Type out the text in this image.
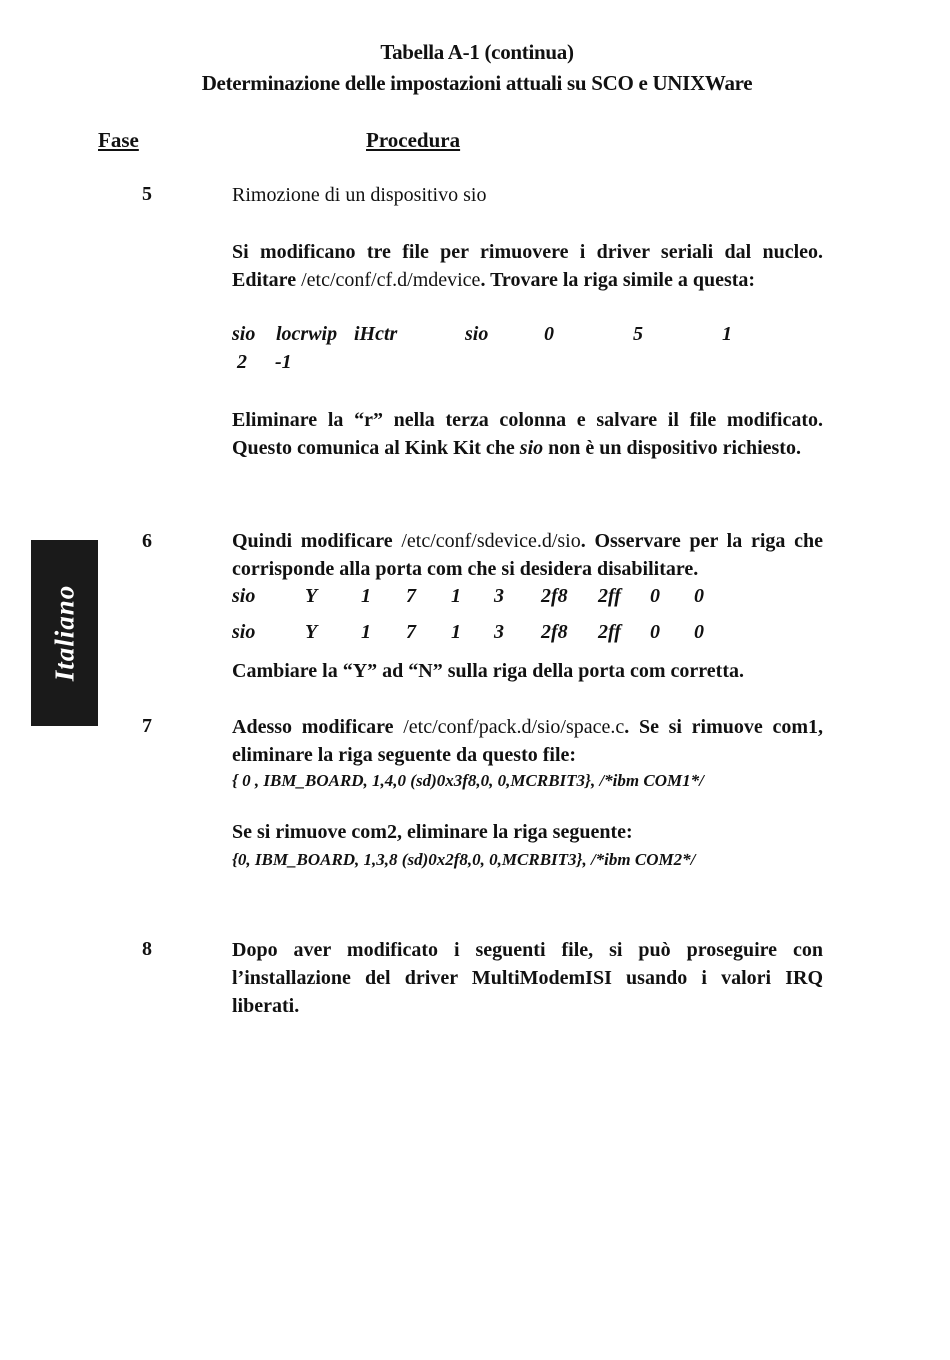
Tabella A-1 (continua)
Determinazione delle impostazioni attuali su SCO e UNIXWare
Fase	Procedura
5	Rimozione di un dispositivo sio
Si modificano tre file per rimuovere i driver seriali dal nucleo. Editare /etc/conf/cf.d/mdevice. Trovare la riga simile a questa:
sio locrwip iHctr	sio	0	5	1
2 -1
Eliminare la “r” nella terza colonna e salvare il file modificato. Questo comunica al Kink Kit che sio non è un dispositivo richiesto.
6	Quindi modificare /etc/conf/sdevice.d/sio. Osservare per la riga che corrisponde alla porta com che si desidera disabilitare.
sio Y 1 7 1 3 2f8 2ff 0 0
sio Y 1 7 1 3 2f8 2ff 0 0
Cambiare la “Y” ad “N” sulla riga della porta com corretta.
7	Adesso modificare /etc/conf/pack.d/sio/space.c. Se si rimuove com1, eliminare la riga seguente da questo file:
{ 0 , IBM_BOARD, 1,4,0 (sd)0x3f8,0, 0,MCRBIT3}, /*ibm COM1*/
Se si rimuove com2, eliminare la riga seguente:
{0, IBM_BOARD, 1,3,8 (sd)0x2f8,0, 0,MCRBIT3}, /*ibm COM2*/
8	Dopo aver modificato i seguenti file, si può proseguire con l’installazione del driver MultiModemISI usando i valori IRQ liberati.
Italiano
